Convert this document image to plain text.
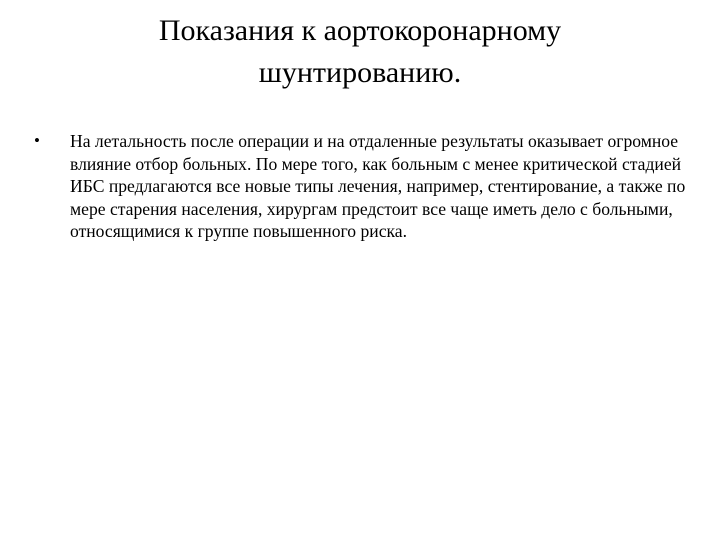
Показания к аортокоронарному
шунтированию.
• На летальность после операции и на отдаленные результаты оказывает огромное влияние отбор больных. По мере того, как больным с менее критической стадией ИБС предлагаются все новые типы лечения, например, стентирование, а также по мере старения населения, хирургам предстоит все чаще иметь дело с больными, относящимися к группе повышенного риска.
